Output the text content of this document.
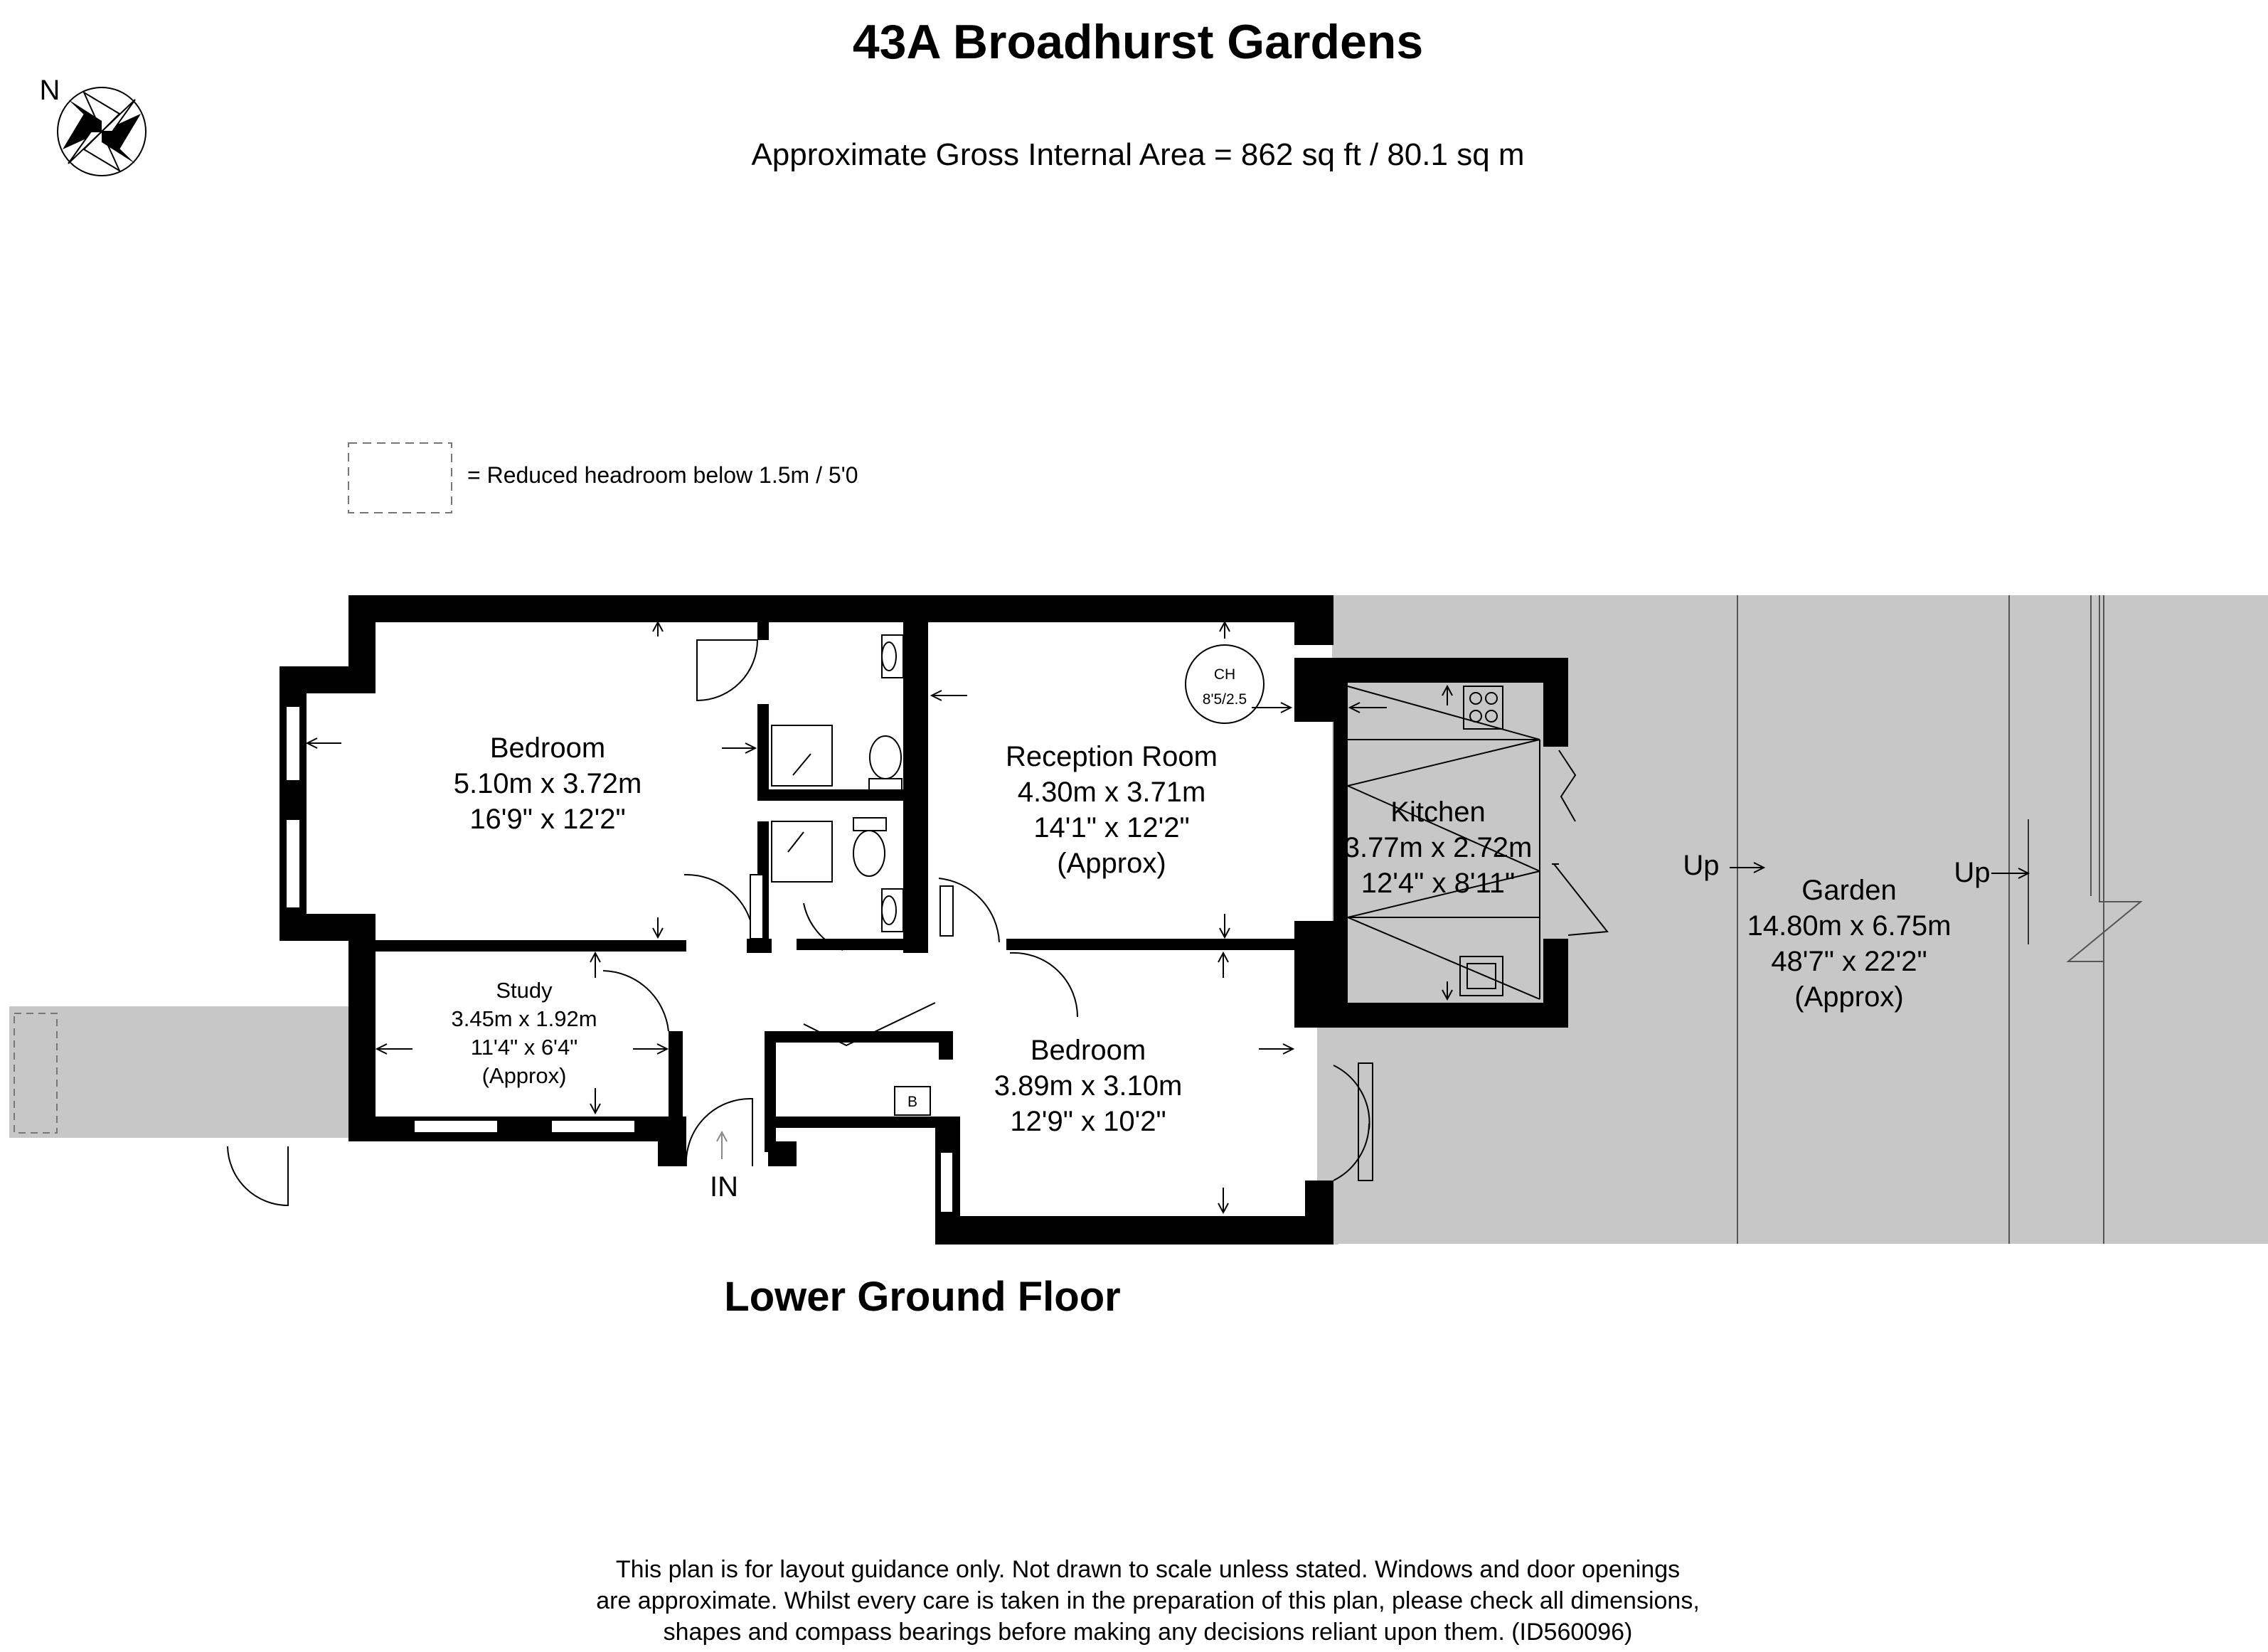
43A Broadhurst Gardens
Approximate Gross Internal Area = 862 sq ft / 80.1 sq m
N
= Reduced headroom below 1.5m / 5'0
CH
8'5/2.5
B
Bedroom
5.10m x 3.72m
16'9" x 12'2"
Reception Room
4.30m x 3.71m
14'1" x 12'2"
(Approx)
Kitchen
3.77m x 2.72m
12'4" x 8'11"	Garden
14.80m x 6.75m
48'7" x 22'2"
(Approx)
Study
3.45m x 1.92m
11'4" x 6'4"
(Approx)
Bedroom
3.89m x 3.10m
12'9" x 10'2"
IN
Up	Up
Lower Ground Floor
This plan is for layout guidance only. Not drawn to scale unless stated. Windows and door openings
are approximate. Whilst every care is taken in the preparation of this plan, please check all dimensions,
shapes and compass bearings before making any decisions reliant upon them. (ID560096)
